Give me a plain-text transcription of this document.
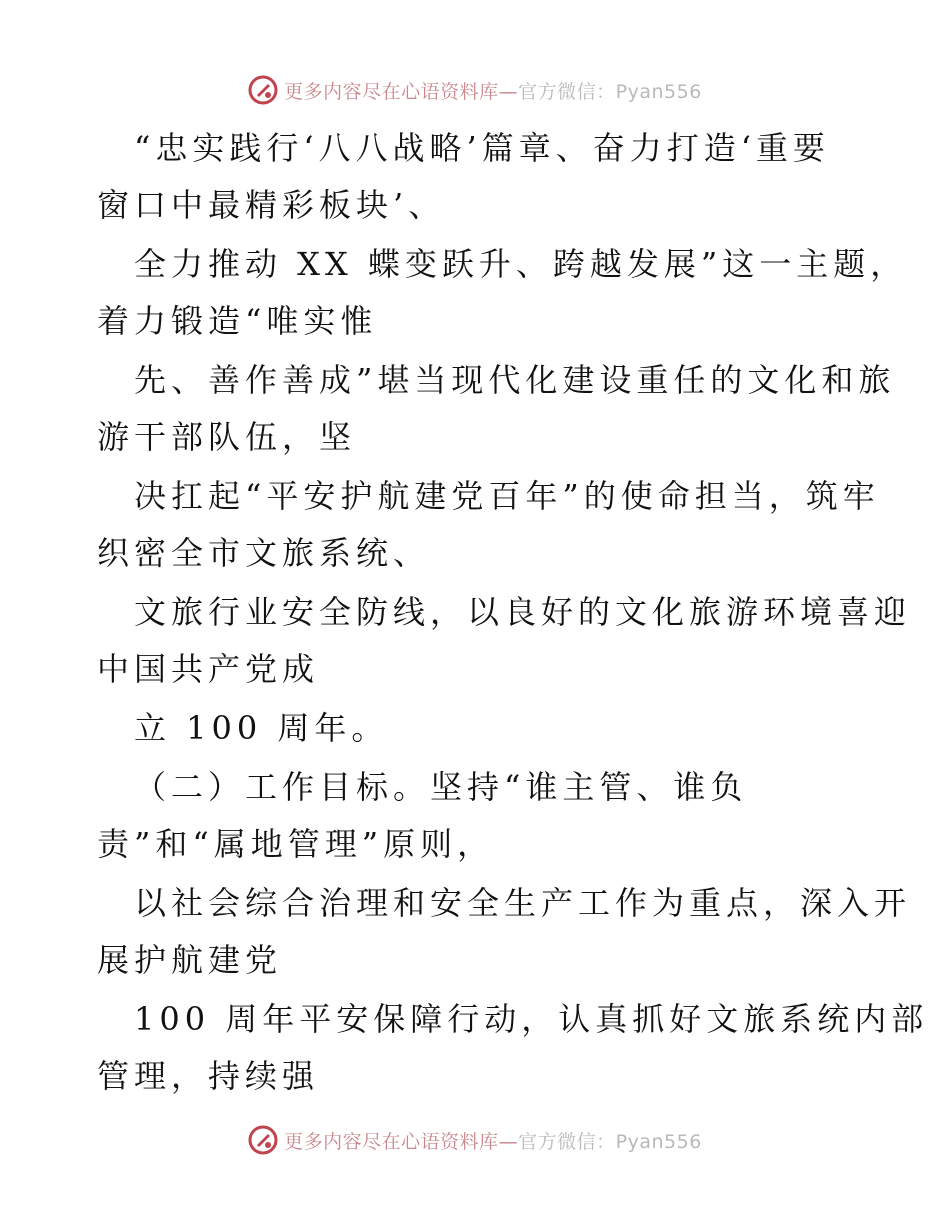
更多内容尽在心语资料库—官方微信：Pyan556
“忠实践行‘八八战略’篇章、奋力打造‘重要
窗口中最精彩板块’、
全力推动 XX 蝶变跃升、跨越发展”这一主题，
着力锻造“唯实惟
先、善作善成”堪当现代化建设重任的文化和旅
游干部队伍，坚
决扛起“平安护航建党百年”的使命担当，筑牢
织密全市文旅系统、
文旅行业安全防线，以良好的文化旅游环境喜迎
中国共产党成
立 100 周年。
（二）工作目标。坚持“谁主管、谁负
责”和“属地管理”原则，
以社会综合治理和安全生产工作为重点，深入开
展护航建党
100 周年平安保障行动，认真抓好文旅系统内部
管理，持续强
更多内容尽在心语资料库—官方微信：Pyan556
